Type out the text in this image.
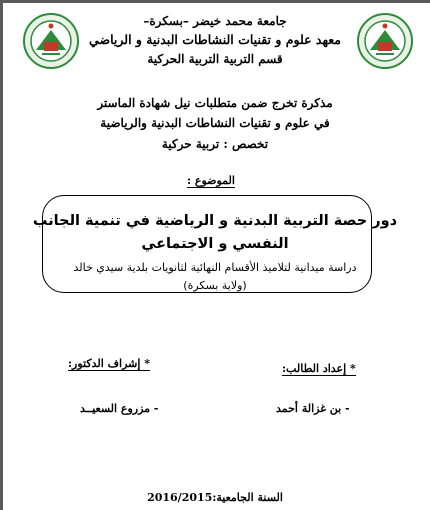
جامعة محمد خيضر –بسكرة–
معهد علوم و تقنيات النشاطات البدنية و الرياضي
قسم التربية التربية الحركية
مذكرة تخرج ضمن متطلبات نيل شهادة الماستر
في علوم و تقنيات النشاطات البدنية والرياضية
تخصص : تربية حركية
الموضوع :
دور حصة التربية البدنية و الرياضية في تنمية الجانب
النفسي و الاجتماعي
دراسة ميدانية لتلاميذ الأقسام النهائية لثانويات بلدية سيدي خالد
(ولاية بسكرة)
* إعداد الطالب:
* إشراف الدكتور:
- بن غزالة أحمد
- مزروع السعيــد
السنة الجامعية:2016/2015
